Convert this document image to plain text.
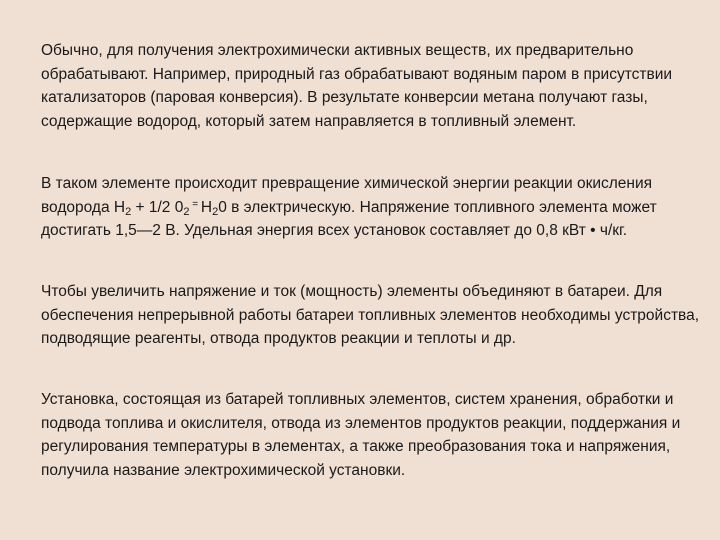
Обычно, для получения электрохимически активных веществ, их предварительно обрабатывают. Например, природный газ обрабатывают водяным паром в присутствии катализаторов (паровая конверсия). В результате конверсии метана получают газы, содержащие водород, который затем направляется в топливный элемент.

В таком элементе происходит превращение химической энергии реакции окисления водорода $Н_2 + 1/2$ $0_2$ = $Н_20$ в электрическую. Напряжение топливного элемента может достигать 1,5—2 В. Удельная энергия всех установок составляет до 0,8 кВт • ч/кг.

Чтобы увеличить напряжение и ток (мощность) элементы объединяют в батареи. Для обеспечения непрерывной работы батареи топливных элементов необходимы устройства, подводящие реагенты, отвода продуктов реакции и теплоты и др.

Установка, состоящая из батарей топливных элементов, систем хранения, обработки и подвода топлива и окислителя, отвода из элементов продуктов реакции, поддержания и регулирования температуры в элементах, а также преобразования тока и напряжения, получила название электрохимической установки.
